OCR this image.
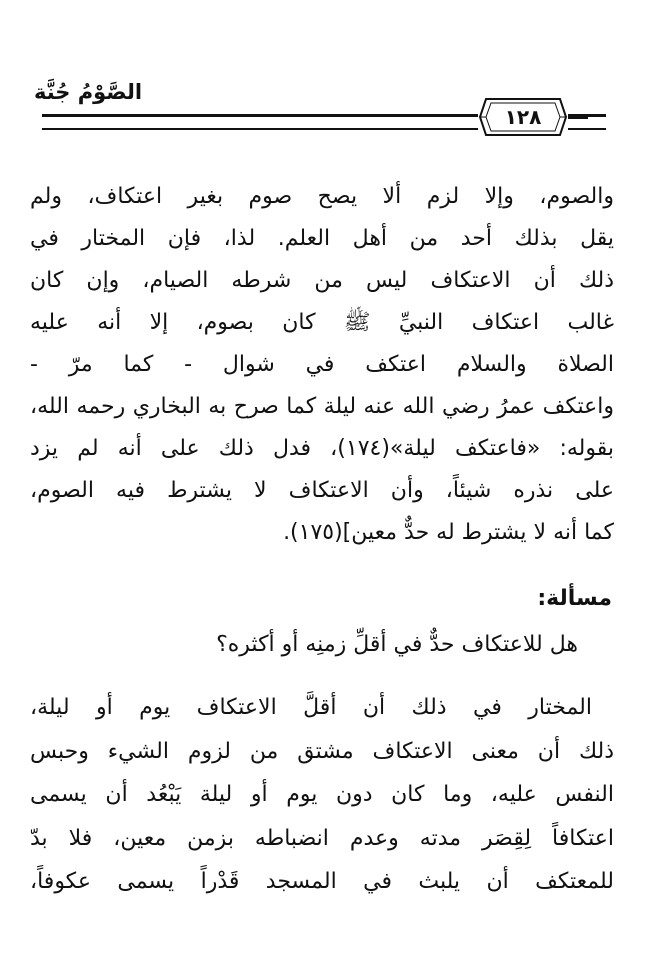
الصَّوْمُ جُنَّة
١٢٨
والصوم، وإلا لزم ألا يصح صوم بغير اعتكاف، ولم
يقل بذلك أحد من أهل العلم. لذا، فإن المختار في
ذلك أن الاعتكاف ليس من شرطه الصيام، وإن كان
غالب اعتكاف النبيِّ ﷺ كان بصوم، إلا أنه عليه
الصلاة والسلام اعتكف في شوال - كما مرّ -
واعتكف عمرُ رضي الله عنه ليلة كما صرح به البخاري رحمه الله،
بقوله: «فاعتكف ليلة»(١٧٤)، فدل ذلك على أنه لم يزد
على نذره شيئاً، وأن الاعتكاف لا يشترط فيه الصوم،
كما أنه لا يشترط له حدٌّ معين](١٧٥).
مسألة:
هل للاعتكاف حدٌّ في أقلِّ زمنِه أو أكثره؟
المختار في ذلك أن أقلَّ الاعتكاف يوم أو ليلة،
ذلك أن معنى الاعتكاف مشتق من لزوم الشيء وحبس
النفس عليه، وما كان دون يوم أو ليلة يَبْعُد أن يسمى
اعتكافاً لِقِصَر مدته وعدم انضباطه بزمن معين، فلا بدّ
للمعتكف أن يلبث في المسجد قَدْراً يسمى عكوفاً،
